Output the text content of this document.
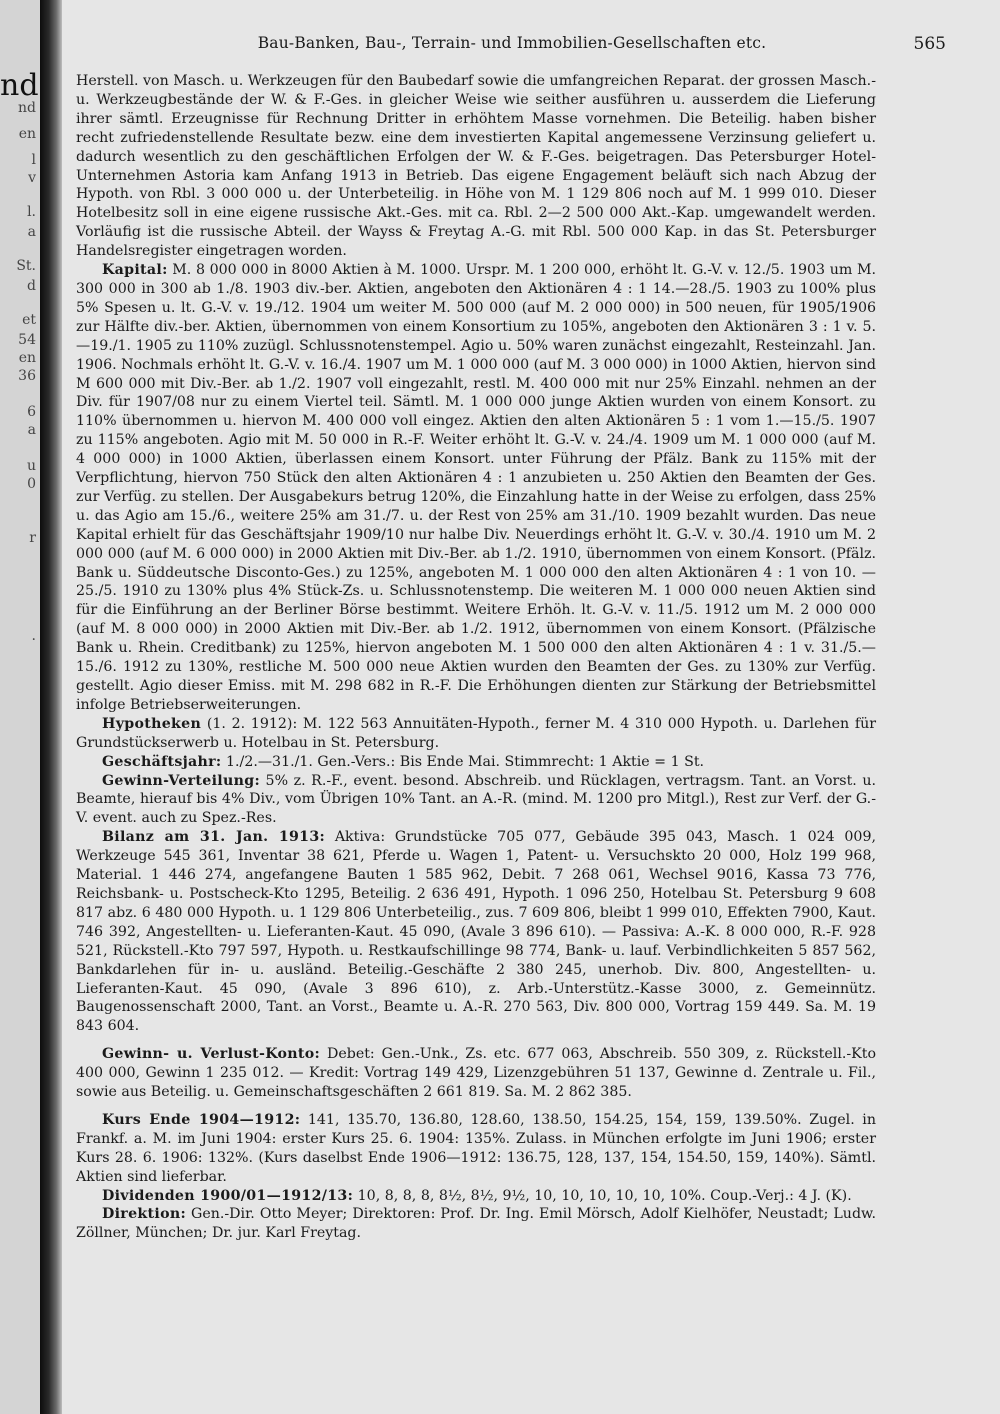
nd
nd
en
l
v
l.
a
St.
d
et
54
en
36
6
a
u
0
r
.
Bau-Banken, Bau-, Terrain- und Immobilien-Gesellschaften etc.	565

Herstell. von Masch. u. Werkzeugen für den Baubedarf sowie die umfangreichen Reparat. der grossen Masch.- u. Werkzeugbestände der W. & F.-Ges. in gleicher Weise wie seither ausführen u. ausserdem die Lieferung ihrer sämtl. Erzeugnisse für Rechnung Dritter in erhöhtem Masse vornehmen. Die Beteilig. haben bisher recht zufriedenstellende Resultate bezw. eine dem investierten Kapital angemessene Verzinsung geliefert u. dadurch wesentlich zu den geschäftlichen Erfolgen der W. & F.-Ges. beigetragen. Das Petersburger Hotel-Unternehmen Astoria kam Anfang 1913 in Betrieb. Das eigene Engagement beläuft sich nach Abzug der Hypoth. von Rbl. 3 000 000 u. der Unterbeteilig. in Höhe von M. 1 129 806 noch auf M. 1 999 010. Dieser Hotelbesitz soll in eine eigene russische Akt.-Ges. mit ca. Rbl. 2—2 500 000 Akt.-Kap. umgewandelt werden. Vorläufig ist die russische Abteil. der Wayss & Freytag A.-G. mit Rbl. 500 000 Kap. in das St. Petersburger Handelsregister eingetragen worden.

Kapital: M. 8 000 000 in 8000 Aktien à M. 1000. Urspr. M. 1 200 000, erhöht lt. G.-V. v. 12./5. 1903 um M. 300 000 in 300 ab 1./8. 1903 div.-ber. Aktien, angeboten den Aktionären 4 : 1 14.—28./5. 1903 zu 100% plus 5% Spesen u. lt. G.-V. v. 19./12. 1904 um weiter M. 500 000 (auf M. 2 000 000) in 500 neuen, für 1905/1906 zur Hälfte div.-ber. Aktien, übernommen von einem Konsortium zu 105%, angeboten den Aktionären 3 : 1 v. 5.—19./1. 1905 zu 110% zuzügl. Schlussnotenstempel. Agio u. 50% waren zunächst eingezahlt, Resteinzahl. Jan. 1906. Nochmals erhöht lt. G.-V. v. 16./4. 1907 um M. 1 000 000 (auf M. 3 000 000) in 1000 Aktien, hiervon sind M 600 000 mit Div.-Ber. ab 1./2. 1907 voll eingezahlt, restl. M. 400 000 mit nur 25% Einzahl. nehmen an der Div. für 1907/08 nur zu einem Viertel teil. Sämtl. M. 1 000 000 junge Aktien wurden von einem Konsort. zu 110% übernommen u. hiervon M. 400 000 voll eingez. Aktien den alten Aktionären 5 : 1 vom 1.—15./5. 1907 zu 115% angeboten. Agio mit M. 50 000 in R.-F. Weiter erhöht lt. G.-V. v. 24./4. 1909 um M. 1 000 000 (auf M. 4 000 000) in 1000 Aktien, überlassen einem Konsort. unter Führung der Pfälz. Bank zu 115% mit der Verpflichtung, hiervon 750 Stück den alten Aktionären 4 : 1 anzubieten u. 250 Aktien den Beamten der Ges. zur Verfüg. zu stellen. Der Ausgabekurs betrug 120%, die Einzahlung hatte in der Weise zu erfolgen, dass 25% u. das Agio am 15./6., weitere 25% am 31./7. u. der Rest von 25% am 31./10. 1909 bezahlt wurden. Das neue Kapital erhielt für das Geschäftsjahr 1909/10 nur halbe Div. Neuerdings erhöht lt. G.-V. v. 30./4. 1910 um M. 2 000 000 (auf M. 6 000 000) in 2000 Aktien mit Div.-Ber. ab 1./2. 1910, übernommen von einem Konsort. (Pfälz. Bank u. Süddeutsche Disconto-Ges.) zu 125%, angeboten M. 1 000 000 den alten Aktionären 4 : 1 von 10. — 25./5. 1910 zu 130% plus 4% Stück-Zs. u. Schlussnotenstemp. Die weiteren M. 1 000 000 neuen Aktien sind für die Einführung an der Berliner Börse bestimmt. Weitere Erhöh. lt. G.-V. v. 11./5. 1912 um M. 2 000 000 (auf M. 8 000 000) in 2000 Aktien mit Div.-Ber. ab 1./2. 1912, übernommen von einem Konsort. (Pfälzische Bank u. Rhein. Creditbank) zu 125%, hiervon angeboten M. 1 500 000 den alten Aktionären 4 : 1 v. 31./5.—15./6. 1912 zu 130%, restliche M. 500 000 neue Aktien wurden den Beamten der Ges. zu 130% zur Verfüg. gestellt. Agio dieser Emiss. mit M. 298 682 in R.-F. Die Erhöhungen dienten zur Stärkung der Betriebsmittel infolge Betriebserweiterungen.

Hypotheken (1. 2. 1912): M. 122 563 Annuitäten-Hypoth., ferner M. 4 310 000 Hypoth. u. Darlehen für Grundstückserwerb u. Hotelbau in St. Petersburg.

Geschäftsjahr: 1./2.—31./1. Gen.-Vers.: Bis Ende Mai. Stimmrecht: 1 Aktie = 1 St.

Gewinn-Verteilung: 5% z. R.-F., event. besond. Abschreib. und Rücklagen, vertragsm. Tant. an Vorst. u. Beamte, hierauf bis 4% Div., vom Übrigen 10% Tant. an A.-R. (mind. M. 1200 pro Mitgl.), Rest zur Verf. der G.-V. event. auch zu Spez.-Res.

Bilanz am 31. Jan. 1913: Aktiva: Grundstücke 705 077, Gebäude 395 043, Masch. 1 024 009, Werkzeuge 545 361, Inventar 38 621, Pferde u. Wagen 1, Patent- u. Versuchskto 20 000, Holz 199 968, Material. 1 446 274, angefangene Bauten 1 585 962, Debit. 7 268 061, Wechsel 9016, Kassa 73 776, Reichsbank- u. Postscheck-Kto 1295, Beteilig. 2 636 491, Hypoth. 1 096 250, Hotelbau St. Petersburg 9 608 817 abz. 6 480 000 Hypoth. u. 1 129 806 Unterbeteilig., zus. 7 609 806, bleibt 1 999 010, Effekten 7900, Kaut. 746 392, Angestellten- u. Lieferanten-Kaut. 45 090, (Avale 3 896 610). — Passiva: A.-K. 8 000 000, R.-F. 928 521, Rückstell.-Kto 797 597, Hypoth. u. Restkaufschillinge 98 774, Bank- u. lauf. Verbindlichkeiten 5 857 562, Bankdarlehen für in- u. ausländ. Beteilig.-Geschäfte 2 380 245, unerhob. Div. 800, Angestellten- u. Lieferanten-Kaut. 45 090, (Avale 3 896 610), z. Arb.-Unterstütz.-Kasse 3000, z. Gemeinnütz. Baugenossenschaft 2000, Tant. an Vorst., Beamte u. A.-R. 270 563, Div. 800 000, Vortrag 159 449. Sa. M. 19 843 604.

Gewinn- u. Verlust-Konto: Debet: Gen.-Unk., Zs. etc. 677 063, Abschreib. 550 309, z. Rückstell.-Kto 400 000, Gewinn 1 235 012. — Kredit: Vortrag 149 429, Lizenzgebühren 51 137, Gewinne d. Zentrale u. Fil., sowie aus Beteilig. u. Gemeinschaftsgeschäften 2 661 819. Sa. M. 2 862 385.

Kurs Ende 1904—1912: 141, 135.70, 136.80, 128.60, 138.50, 154.25, 154, 159, 139.50%. Zugel. in Frankf. a. M. im Juni 1904: erster Kurs 25. 6. 1904: 135%. Zulass. in München erfolgte im Juni 1906; erster Kurs 28. 6. 1906: 132%. (Kurs daselbst Ende 1906—1912: 136.75, 128, 137, 154, 154.50, 159, 140%). Sämtl. Aktien sind lieferbar.

Dividenden 1900/01—1912/13: 10, 8, 8, 8, 8½, 8½, 9½, 10, 10, 10, 10, 10, 10%. Coup.-Verj.: 4 J. (K).

Direktion: Gen.-Dir. Otto Meyer; Direktoren: Prof. Dr. Ing. Emil Mörsch, Adolf Kielhöfer, Neustadt; Ludw. Zöllner, München; Dr. jur. Karl Freytag.
